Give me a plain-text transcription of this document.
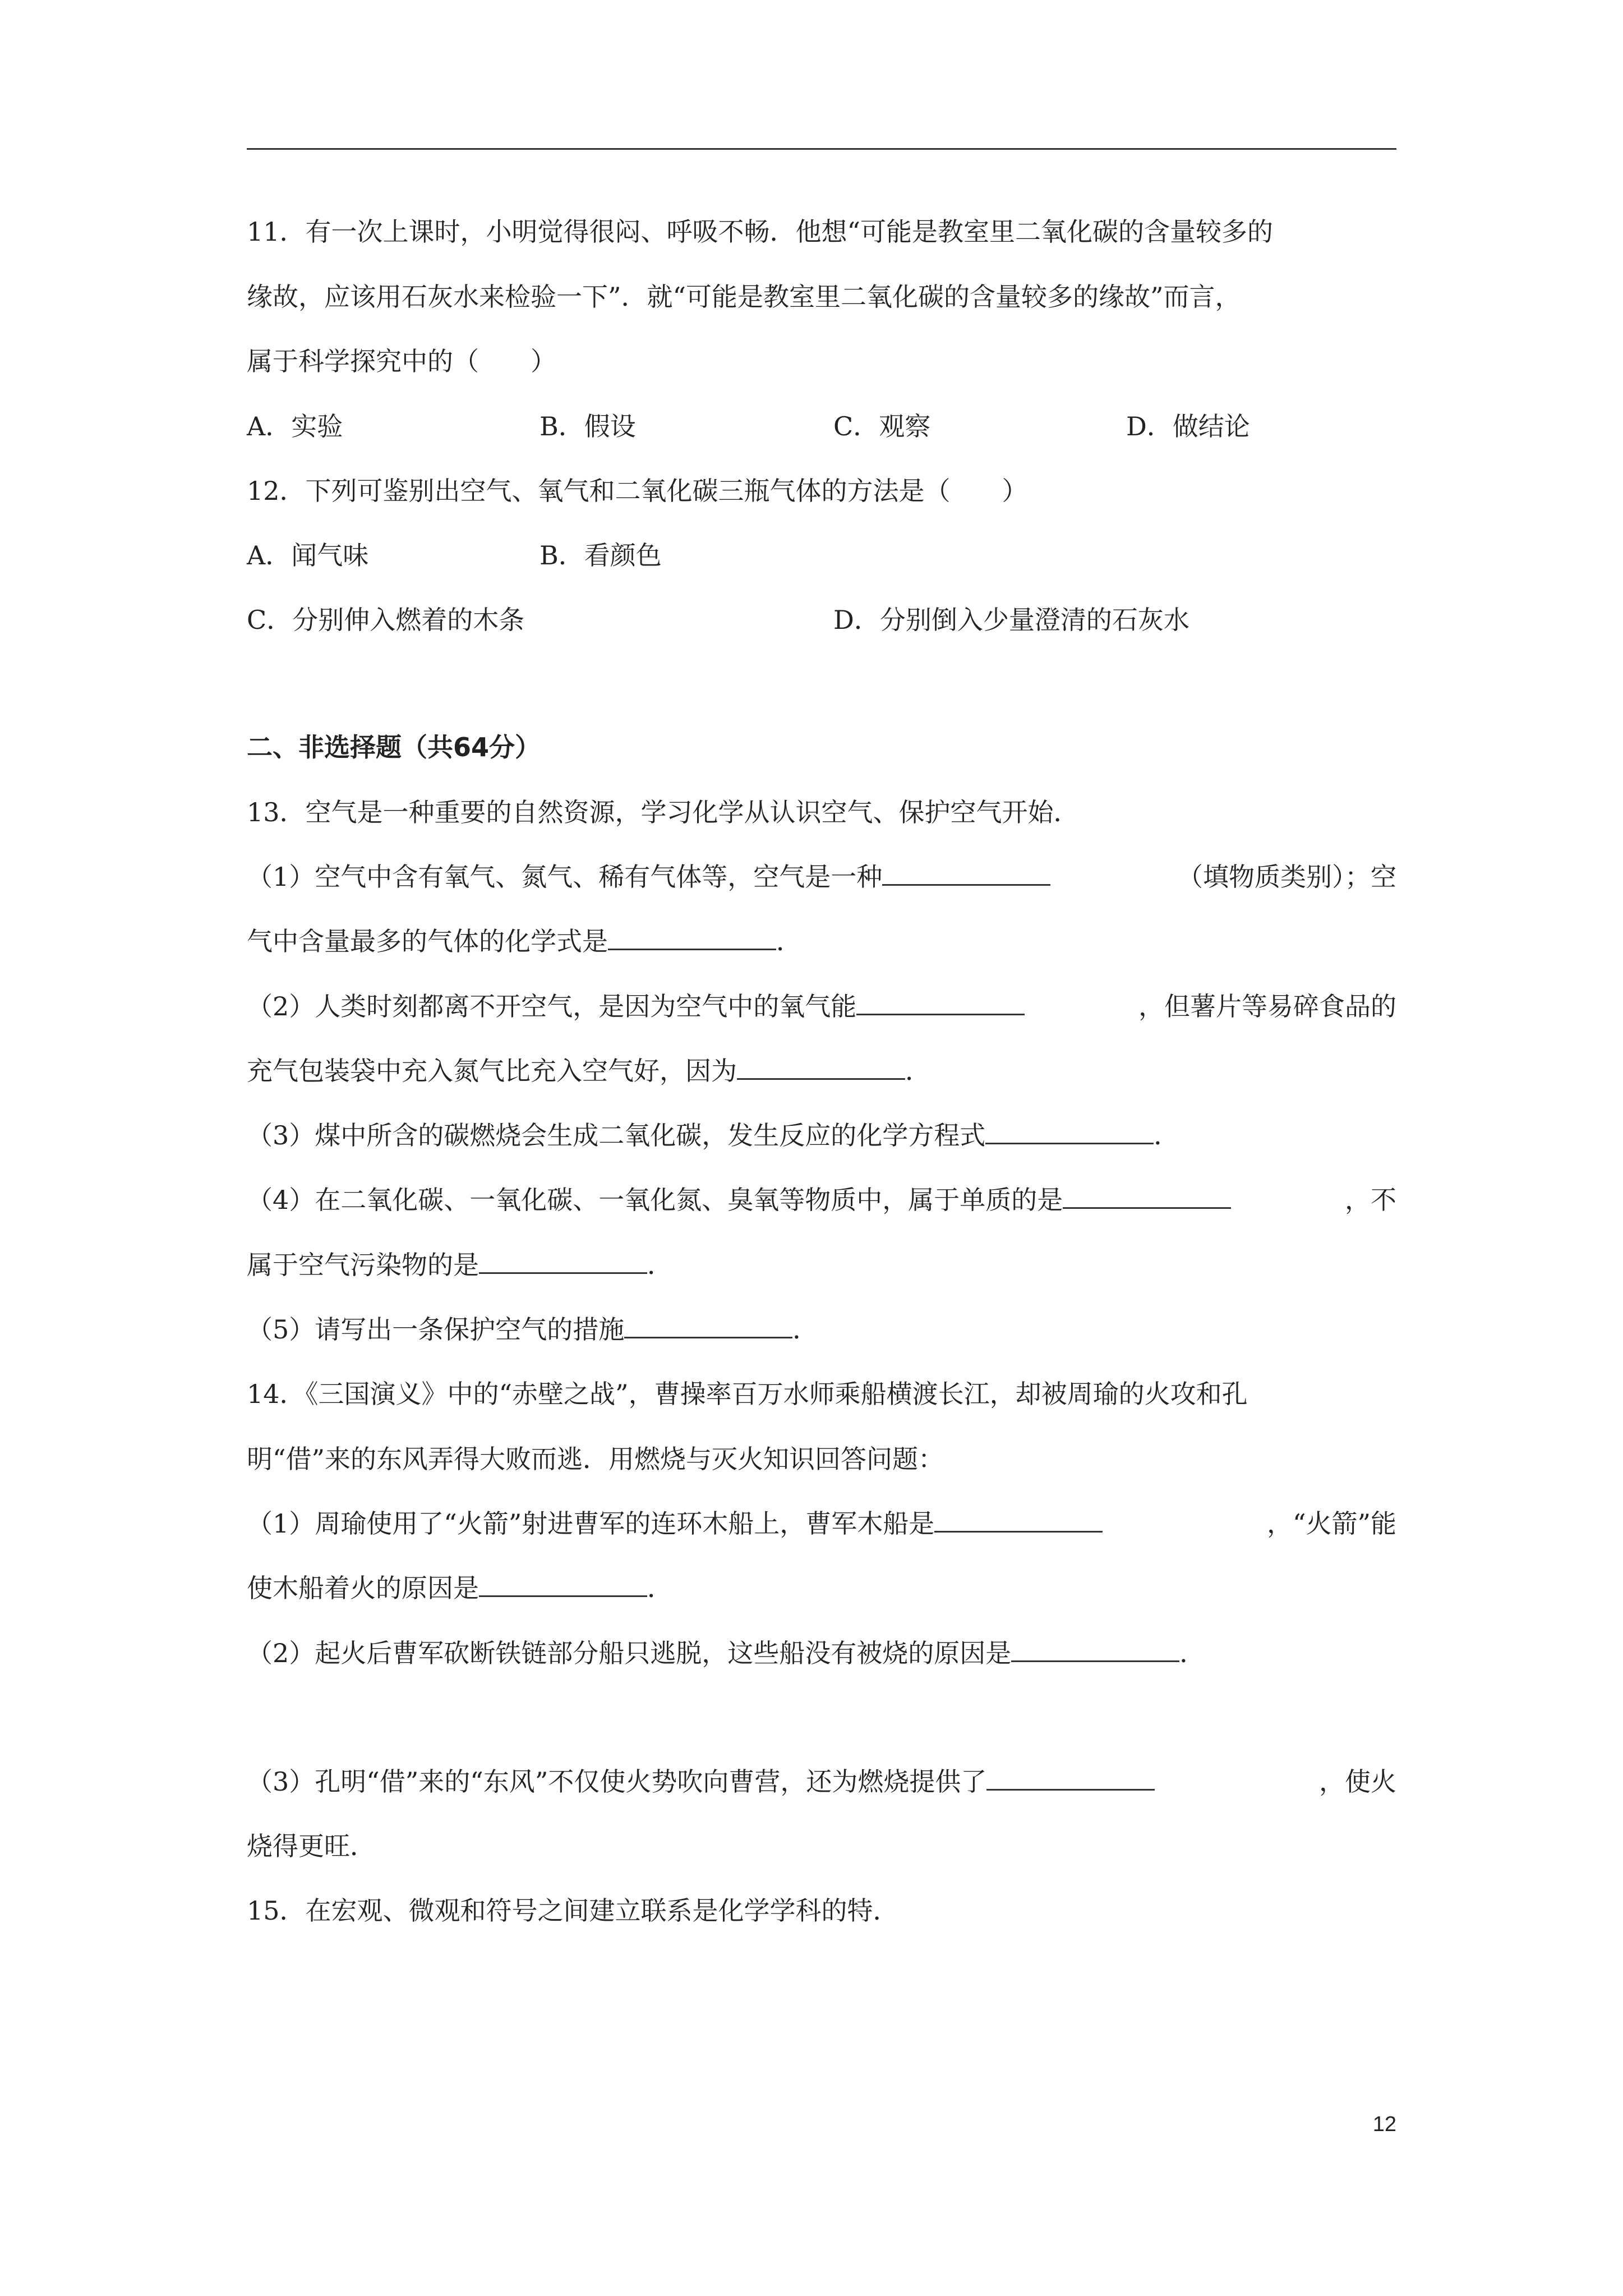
11．有一次上课时，小明觉得很闷、呼吸不畅．他想“可能是教室里二氧化碳的含量较多的
缘故，应该用石灰水来检验一下”．就“可能是教室里二氧化碳的含量较多的缘故”而言，
属于科学探究中的（　　）
A．实验	B．假设	C．观察	D．做结论
12．下列可鉴别出空气、氧气和二氧化碳三瓶气体的方法是（　　）
A．闻气味	B．看颜色
C．分别伸入燃着的木条	D．分别倒入少量澄清的石灰水
二、非选择题（共64分）
13．空气是一种重要的自然资源，学习化学从认识空气、保护空气开始．
（1）空气中含有氧气、氮气、稀有气体等，空气是一种	（填物质类别）；空
气中含量最多的气体的化学式是	．
（2）人类时刻都离不开空气，是因为空气中的氧气能	，但薯片等易碎食品的
充气包装袋中充入氮气比充入空气好，因为	．
（3）煤中所含的碳燃烧会生成二氧化碳，发生反应的化学方程式	．
（4）在二氧化碳、一氧化碳、一氧化氮、臭氧等物质中，属于单质的是	，不
属于空气污染物的是	．
（5）请写出一条保护空气的措施	．
14．《三国演义》中的“赤壁之战”，曹操率百万水师乘船横渡长江，却被周瑜的火攻和孔
明“借”来的东风弄得大败而逃．用燃烧与灭火知识回答问题：
（1）周瑜使用了“火箭”射进曹军的连环木船上，曹军木船是	，“火箭”能
使木船着火的原因是	．
（2）起火后曹军砍断铁链部分船只逃脱，这些船没有被烧的原因是	．
（3）孔明“借”来的“东风”不仅使火势吹向曹营，还为燃烧提供了	，使火
烧得更旺．
15．在宏观、微观和符号之间建立联系是化学学科的特．
12
